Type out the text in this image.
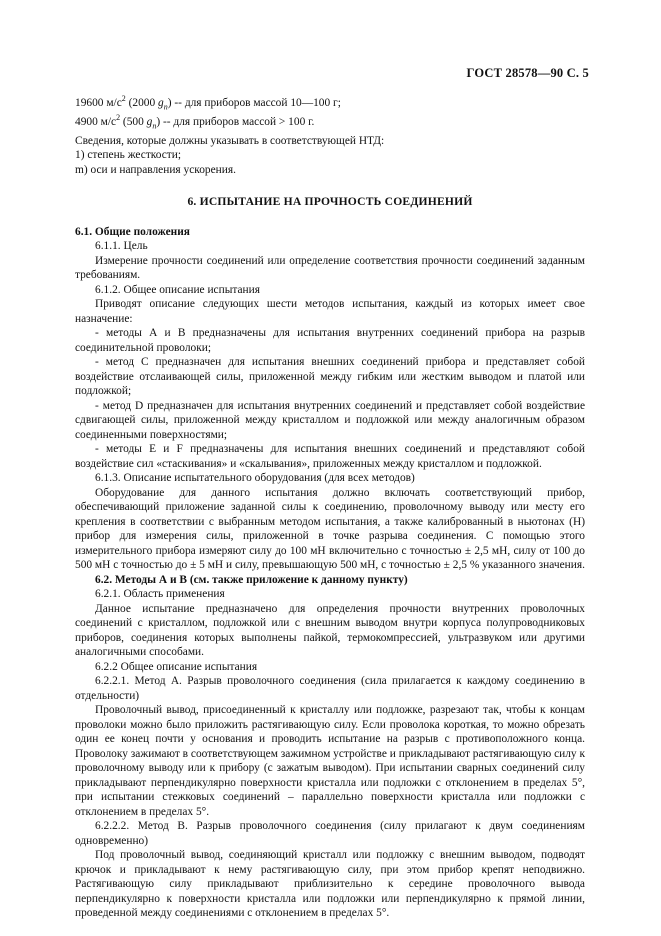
ГОСТ 28578—90 С. 5

19600 $м/с^2$ (2000 $g_п$) -- для приборов массой 10—100 г;

4900 $м/с^2$ (500 $g_п$) -- для приборов массой > 100 г.

Сведения, которые должны указывать в соответствующей НТД:

1) степень жесткости;

m) оси и направления ускорения.

6. ИСПЫТАНИЕ НА ПРОЧНОСТЬ СОЕДИНЕНИЙ

6.1. Общие положения

6.1.1. Цель

Измерение прочности соединений или определение соответствия прочности соединений заданным требованиям.

6.1.2. Общее описание испытания

Приводят описание следующих шести методов испытания, каждый из которых имеет свое назначение:

- методы А и В предназначены для испытания внутренних соединений прибора на разрыв соединительной проволоки;

- метод С предназначен для испытания внешних соединений прибора и представляет собой воздействие отслаивающей силы, приложенной между гибким или жестким выводом и платой или подложкой;

- метод D предназначен для испытания внутренних соединений и представляет собой воздействие сдвигающей силы, приложенной между кристаллом и подложкой или между аналогичным образом соединенными поверхностями;

- методы Е и F предназначены для испытания внешних соединений и представляют собой воздействие сил «стаскивания» и «скалывания», приложенных между кристаллом и подложкой.

6.1.3. Описание испытательного оборудования (для всех методов)

Оборудование для данного испытания должно включать соответствующий прибор, обеспечивающий приложение заданной силы к соединению, проволочному выводу или месту его крепления в соответствии с выбранным методом испытания, а также калиброванный в ньютонах (Н) прибор для измерения силы, приложенной в точке разрыва соединения. С помощью этого измерительного прибора измеряют силу до 100 мН включительно с точностью ± 2,5 мН, силу от 100 до 500 мН с точностью до ± 5 мН и силу, превышающую 500 мН, с точностью ± 2,5 % указанного значения.

6.2. Методы А и В (см. также приложение к данному пункту)

6.2.1. Область применения

Данное испытание предназначено для определения прочности внутренних проволочных соединений с кристаллом, подложкой или с внешним выводом внутри корпуса полупроводниковых приборов, соединения которых выполнены пайкой, термокомпрессией, ультразвуком или другими аналогичными способами.

6.2.2 Общее описание испытания

6.2.2.1. Метод А. Разрыв проволочного соединения (сила прилагается к каждому соединению в отдельности)

Проволочный вывод, присоединенный к кристаллу или подложке, разрезают так, чтобы к концам проволоки можно было приложить растягивающую силу. Если проволока короткая, то можно обрезать один ее конец почти у основания и проводить испытание на разрыв с противоположного конца. Проволоку зажимают в соответствующем зажимном устройстве и прикладывают растягивающую силу к проволочному выводу или к прибору (с зажатым выводом). При испытании сварных соединений силу прикладывают перпендикулярно поверхности кристалла или подложки с отклонением в пределах 5°, при испытании стежковых соединений – параллельно поверхности кристалла или подложки с отклонением в пределах 5°.

6.2.2.2. Метод В. Разрыв проволочного соединения (силу прилагают к двум соединениям одновременно)

Под проволочный вывод, соединяющий кристалл или подложку с внешним выводом, подводят крючок и прикладывают к нему растягивающую силу, при этом прибор крепят неподвижно. Растягивающую силу прикладывают приблизительно к середине проволочного вывода перпендикулярно к поверхности кристалла или подложки или перпендикулярно к прямой линии, проведенной между соединениями с отклонением в пределах 5°.
